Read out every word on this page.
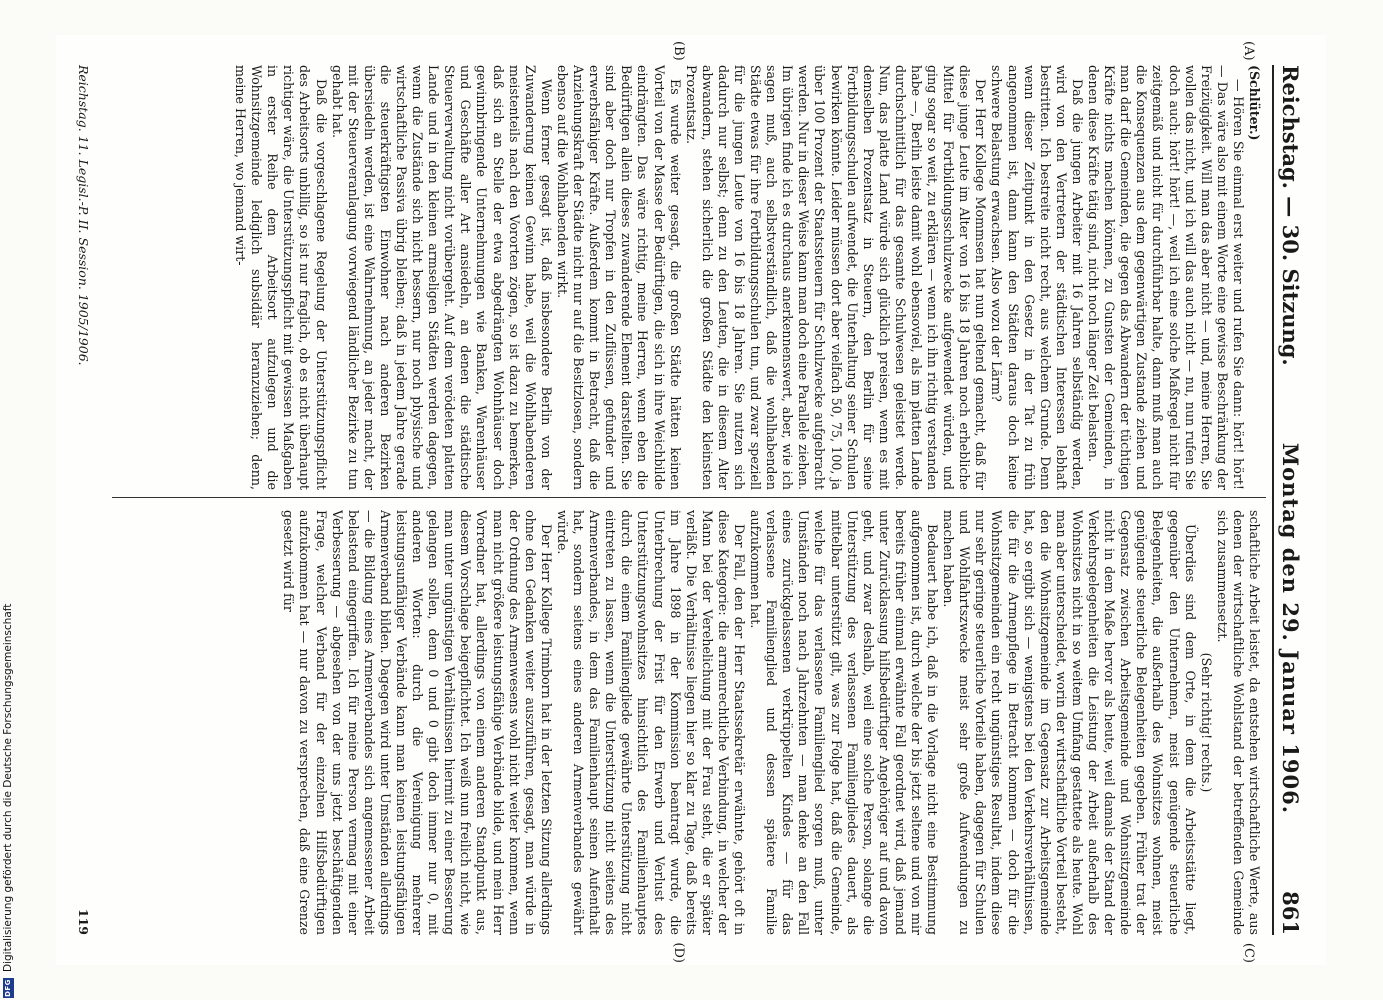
Reichstag. — 30. Sitzung.
Montag den 29. Januar 1906.
861
(A)
(B)
(C)
(D)

(Schlüter.)

— Hören Sie einmal erst weiter und rufen Sie dann: hört! hört! — Das wäre also mit einem Worte eine gewisse Beschränkung der Freizügigkeit. Will man das aber nicht — und, meine Herren, Sie wollen das nicht, und ich will das auch nicht — nu, nun rufen Sie doch auch: hört! hört! —, weil ich eine solche Maßregel nicht für zeitgemäß und nicht für durchführbar halte, dann muß man auch die Konsequenzen aus dem gegenwärtigen Zustande ziehen und man darf die Gemeinden, die gegen das Abwandern der tüchtigen Kräfte nichts machen können, zu Gunsten der Gemeinden, in denen diese Kräfte tätig sind, nicht noch länger Zeit belasten.

Daß die jungen Arbeiter mit 16 Jahren selbständig werden, wird von den Vertretern der städtischen Interessen lebhaft bestritten. Ich bestreite nicht recht, aus welchem Grunde. Denn wenn dieser Zeitpunkt in den Gesetz in der Tat zu früh angenommen ist, dann kann den Städten daraus doch keine schwere Belastung erwachsen. Also wozu der Lärm?

Der Herr Kollege Mommsen hat nun geltend gemacht, daß für diese junge Leute im Alter von 16 bis 18 Jahren noch erhebliche Mittel für Fortbildungsschulzwecke aufgewendet würden, und ging sogar so weit, zu erklären — wenn ich ihn richtig verstanden habe —, Berlin leiste damit wohl ebensoviel, als im platten Lande durchschnittlich für das gesamte Schulwesen geleistet werde. Nun, das platte Land würde sich glücklich preisen, wenn es mit demselben Prozentsatz in Steuern, den Berlin für seine Fortbildungsschulen aufwendet, die Unterhaltung seiner Schulen bewirken könnte. Leider müssen dort aber vielfach 50, 75, 100, ja über 100 Prozent der Staatssteuern für Schulzwecke aufgebracht werden. Nur in dieser Weise kann man doch eine Parallele ziehen. Im übrigen finde ich es durchaus anerkennenswert, aber, wie ich sagen muß, auch selbstverständlich, daß die wohlhabenden Städte etwas für ihre Fortbildungsschulen tun, und zwar speziell für die jungen Leute von 16 bis 18 Jahren. Sie nutzen sich dadurch nur selbst; denn zu den Leuten, die in diesem Alter abwandern, stehen sicherlich die großen Städte den kleinsten Prozentsatz.

Es wurde weiter gesagt, die großen Städte hätten keinen Vorteil von der Masse der Bedürftigen, die sich in ihre Weichbilde eindrängten. Das wäre richtig, meine Herren, wenn eben die Bedürftigen allein dieses zuwanderende Element darstellten. Sie sind aber doch nur Tropfen in den Zuflüssen, gefunder und erwerbsfähiger Kräfte. Außerdem kommt in Betracht, daß die Anziehungskraft der Städte nicht nur auf die Besitzlosen, sondern ebenso auf die Wohlhabenden wirkt.

Wenn ferner gesagt ist, daß insbesondere Berlin von der Zuwanderung keinen Gewinn habe, weil die Wohlhabenderen meistenteils nach den Vororten zögen, so ist dazu zu bemerken, daß sich an Stelle der etwa abgedrängten Wohnhäuser doch gewinnbringende Unternehmungen wie Banken, Warenhäuser und Geschäfte aller Art ansiedeln, an denen die städtische Steuerverwaltung nicht vorübergeht. Auf dem verödeten platten Lande und in den kleinen armseligen Städten werden dagegen, wenn die Zustände sich nicht bessern, nur noch physische und wirtschaftliche Passiva übrig bleiben; daß in jedem Jahre gerade die steuerkräftigsten Einwohner nach anderen Bezirken übersiedeln werden, ist eine Wahrnehmung, an jeder macht, der mit der Steuerveranlagung vorwiegend ländlicher Bezirke zu tun gehabt hat.

Daß die vorgeschlagene Regelung der Unterstützungspflicht des Arbeitsorts unbillig, so ist nur fraglich, ob es nicht überhaupt richtiger wäre, die Unterstützungspflicht mit gewissen Maßgaben in erster Reihe dem Arbeitsort aufzulegen und die Wohnsitzgemeinde lediglich subsidiär heranzuziehen; denn, meine Herren, wo jemand wirt-

schaftliche Arbeit leistet, da entstehen wirtschaftliche Werte, aus denen der wirtschaftliche Wohlstand der betreffenden Gemeinde sich zusammensetzt.

(Sehr richtig! rechts.)

Überdies sind dem Orte, in dem die Arbeitsstätte liegt, gegenüber den Unternehmen, meist genügende steuerliche Belegenheiten, die außerhalb des Wohnsitzes wohnen, meist genügende steuerliche Belegenheiten gegeben. Früher trat der Gegensatz zwischen Arbeitsgemeinde und Wohnsitzgemeinde nicht in dem Maße hervor als heute, weil damals der Stand der Verkehrsgelegenheiten die Leistung der Arbeit außerhalb des Wohnsitzes nicht in so weitem Umfang gestattete als heute. Wohl man aber unterscheidet, worin der wirtschaftliche Vorteil besteht, den die Wohnsitzgemeinde im Gegensatz zur Arbeitsgemeinde hat, so ergibt sich — wenigstens bei den Verkehrsverhältnissen, die für die Armenpflege in Betracht kommen — doch für die Wohnsitzgemeinden ein recht ungünstiges Resultat, indem diese nur sehr geringe steuerliche Vorteile haben, dagegen für Schulen und Wohlfahrtszwecke meist sehr große Aufwendungen zu machen haben.

Bedauert habe ich, daß in die Vorlage nicht eine Bestimmung aufgenommen ist, durch welche der bis jetzt seltene und von mir bereits früher einmal erwähnte Fall geordnet wird, daß jemand unter Zurücklassung hilfsbedürftiger Angehöriger auf und davon geht, und zwar deshalb, weil eine solche Person, solange die Unterstützung des verlassenen Familiengliedes dauert, als mittelbar unterstützt gilt, was zur Folge hat, daß die Gemeinde, welche für das verlassene Familienglied sorgen muß, unter Umständen noch nach Jahrzehnten — man denke an den Fall eines zurückgelassenen verkrüppelten Kindes — für das verlassene Familienglied und dessen spätere Familie aufzukommen hat.

Der Fall, den der Herr Staatssekretär erwähnte, gehört oft in diese Kategorie: die armenrechtliche Verbindung, in welcher der Mann bei der Verehelichung mit der Frau steht, die er später verläßt. Die Verhältnisse liegen hier so klar zu Tage, daß bereits im Jahre 1898 in der Kommission beantragt wurde, die Unterbrechung der Frist für den Erwerb und Verlust des Unterstützungswohnsitzes hinsichtlich des Familienhauptes durch die einem Familiengliede gewährte Unterstützung nicht eintreten zu lassen, wenn die Unterstützung nicht seitens des Armenverbandes, in dem das Familienhaupt seinen Aufenthalt hat, sondern seitens eines anderen Armenverbandes gewährt würde.

Der Herr Kollege Trimborn hat in der letzten Sitzung allerdings ohne den Gedanken weiter auszuführen, gesagt, man würde in der Ordnung des Armenwesens wohl nicht weiter kommen, wenn man nicht größere leistungsfähige Verbände bilde, und mein Herr Vorredner hat, allerdings von einem anderen Standpunkt aus, diesem Vorschlage beigepflichtet. Ich weiß nun freilich nicht, wie man unter ungünstigen Verhältnissen hiermit zu einer Besserung gelangen sollen, denn 0 und 0 gibt doch immer nur 0, mit anderen Worten: durch die Vereinigung mehrerer leistungsunfähiger Verbände kann man keinen leistungsfähigen Armenverband bilden. Dagegen wird unter Umständen allerdings — die Bildung eines Armenverbandes sich angemessener Arbeit belastend eingegriffen. Ich für meine Person vermag mit einer Verbesserung — abgesehen von der uns jetzt beschäftigenden Frage, welcher Verband für der einzelnen Hilfsbedürftigen aufzukommen hat — nur davon zu versprechen, daß eine Grenze gesetzt wird für

Reichstag. 11. Legisl.-P. II. Session. 1905/1906.
119
DFG
Digitalisierung gefördert durch die Deutsche Forschungsgemeinschaft
